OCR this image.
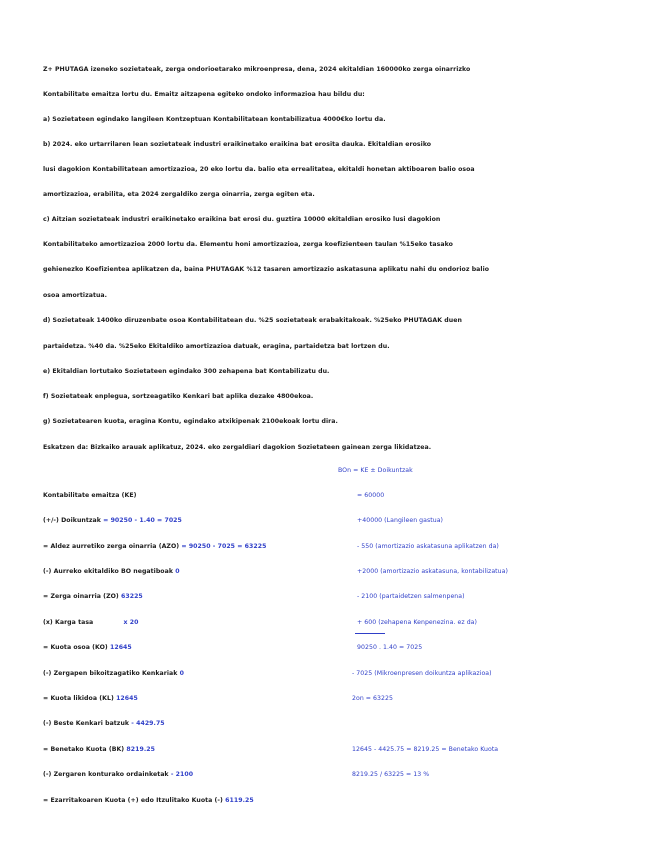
Z+ PHUTAGA izeneko sozietateak, zerga ondorioetarako mikroenpresa, dena, 2024 ekitaldian 160000ko zerga oinarrizko
Kontabilitate emaitza lortu du. Emaitz aitzapena egiteko ondoko informazioa hau bildu du:
a) Sozietateen egindako langileen Kontzeptuan Kontabilitatean kontabilizatua 4000€ko lortu da.
b) 2024. eko urtarrilaren lean sozietateak industri eraikinetako eraikina bat erosita dauka. Ekitaldian erosiko
lusi dagokion Kontabilitatean amortizazioa, 20 eko lortu da. balio eta errealitatea, ekitaldi honetan aktiboaren balio osoa
amortizazioa, erabilita, eta 2024 zergaldiko zerga oinarria, zerga egiten eta.
c) Aitzian sozietateak industri eraikinetako eraikina bat erosi du. guztira 10000 ekitaldian erosiko lusi dagokion
Kontabilitateko amortizazioa 2000 lortu da. Elementu honi amortizazioa, zerga koefizienteen taulan %15eko tasako
gehienezko Koefizientea aplikatzen da, baina PHUTAGAK %12 tasaren amortizazio askatasuna aplikatu nahi du ondorioz balio
osoa amortizatua.
d) Sozietateak 1400ko diruzenbate osoa Kontabilitatean du. %25 sozietateak erabakitakoak. %25eko PHUTAGAK duen
partaidetza. %40 da. %25eko Ekitaldiko amortizazioa datuak, eragina, partaidetza bat lortzen du.
e) Ekitaldian lortutako Sozietateen egindako 300 zehapena bat Kontabilizatu du.
f) Sozietateak enplegua, sortzeagatiko Kenkari bat aplika dezake 4800ekoa.
g) Sozietatearen kuota, eragina Kontu, egindako atxikipenak 2100ekoak lortu dira.
Eskatzen da: Bizkaiko arauak aplikatuz, 2024. eko zergaldiari dagokion Sozietateen gainean zerga likidatzea.
BOn = KE ± Doikuntzak
Kontabilitate emaitza (KE)
(+/-) Doikuntzak = 90250 - 1.40 = 7025
= Aldez aurretiko zerga oinarria (AZO) = 90250 - 7025 = 63225
(-) Aurreko ekitaldiko BO negatiboak 0
= Zerga oinarria (ZO) 63225
(x) Karga tasa	x 20
= Kuota osoa (KO) 12645
(-) Zergapen bikoitzagatiko Kenkariak 0
= Kuota likidoa (KL) 12645
(-) Beste Kenkari batzuk - 4429.75
= Benetako Kuota (BK) 8219.25
(-) Zergaren konturako ordainketak - 2100
= Ezarritakoaren Kuota (+) edo Itzulitako Kuota (-) 6119.25
= 60000
+40000 (Langileen gastua)
- 550 (amortizazio askatasuna aplikatzen da)
+2000 (amortizazio askatasuna, kontabilizatua)
- 2100 (partaidetzen salmenpena)
+ 600 (zehapena Kenpenezina. ez da)
90250 . 1.40 = 7025
- 7025 (Mikroenpresen doikuntza aplikazioa)
2on = 63225
12645 - 4425.75 = 8219.25 = Benetako Kuota
8219.25 / 63225 = 13 %
